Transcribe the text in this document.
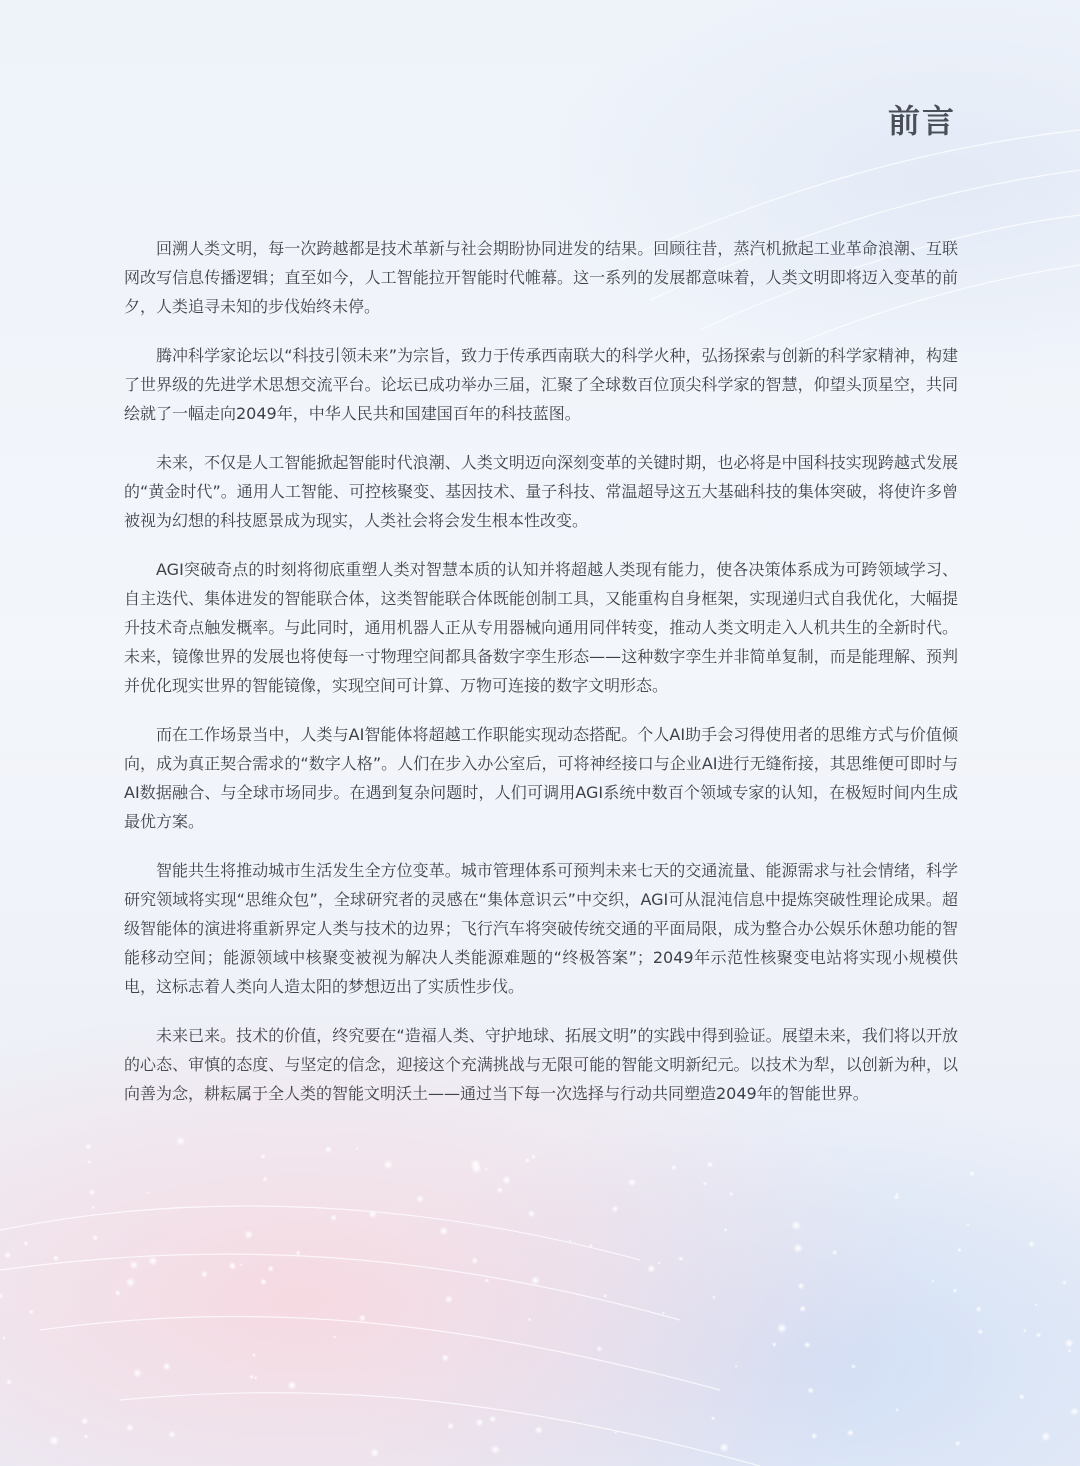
前言

回溯人类文明，每一次跨越都是技术革新与社会期盼协同进发的结果。回顾往昔，蒸汽机掀起工业革命浪潮、互联网改写信息传播逻辑；直至如今，人工智能拉开智能时代帷幕。这一系列的发展都意味着，人类文明即将迈入变革的前夕，人类追寻未知的步伐始终未停。

腾冲科学家论坛以“科技引领未来”为宗旨，致力于传承西南联大的科学火种，弘扬探索与创新的科学家精神，构建了世界级的先进学术思想交流平台。论坛已成功举办三届，汇聚了全球数百位顶尖科学家的智慧，仰望头顶星空，共同绘就了一幅走向2049年，中华人民共和国建国百年的科技蓝图。

未来，不仅是人工智能掀起智能时代浪潮、人类文明迈向深刻变革的关键时期，也必将是中国科技实现跨越式发展的“黄金时代”。通用人工智能、可控核聚变、基因技术、量子科技、常温超导这五大基础科技的集体突破，将使许多曾被视为幻想的科技愿景成为现实，人类社会将会发生根本性改变。

AGI突破奇点的时刻将彻底重塑人类对智慧本质的认知并将超越人类现有能力，使各决策体系成为可跨领域学习、自主迭代、集体进发的智能联合体，这类智能联合体既能创制工具，又能重构自身框架，实现递归式自我优化，大幅提升技术奇点触发概率。与此同时，通用机器人正从专用器械向通用同伴转变，推动人类文明走入人机共生的全新时代。未来，镜像世界的发展也将使每一寸物理空间都具备数字孪生形态——这种数字孪生并非简单复制，而是能理解、预判并优化现实世界的智能镜像，实现空间可计算、万物可连接的数字文明形态。

而在工作场景当中，人类与AI智能体将超越工作职能实现动态搭配。个人AI助手会习得使用者的思维方式与价值倾向，成为真正契合需求的“数字人格”。人们在步入办公室后，可将神经接口与企业AI进行无缝衔接，其思维便可即时与AI数据融合、与全球市场同步。在遇到复杂问题时，人们可调用AGI系统中数百个领域专家的认知，在极短时间内生成最优方案。

智能共生将推动城市生活发生全方位变革。城市管理体系可预判未来七天的交通流量、能源需求与社会情绪，科学研究领域将实现“思维众包”，全球研究者的灵感在“集体意识云”中交织，AGI可从混沌信息中提炼突破性理论成果。超级智能体的演进将重新界定人类与技术的边界；飞行汽车将突破传统交通的平面局限，成为整合办公娱乐休憩功能的智能移动空间；能源领域中核聚变被视为解决人类能源难题的“终极答案”；2049年示范性核聚变电站将实现小规模供电，这标志着人类向人造太阳的梦想迈出了实质性步伐。

未来已来。技术的价值，终究要在“造福人类、守护地球、拓展文明”的实践中得到验证。展望未来，我们将以开放的心态、审慎的态度、与坚定的信念，迎接这个充满挑战与无限可能的智能文明新纪元。以技术为犁，以创新为种，以向善为念，耕耘属于全人类的智能文明沃土——通过当下每一次选择与行动共同塑造2049年的智能世界。
